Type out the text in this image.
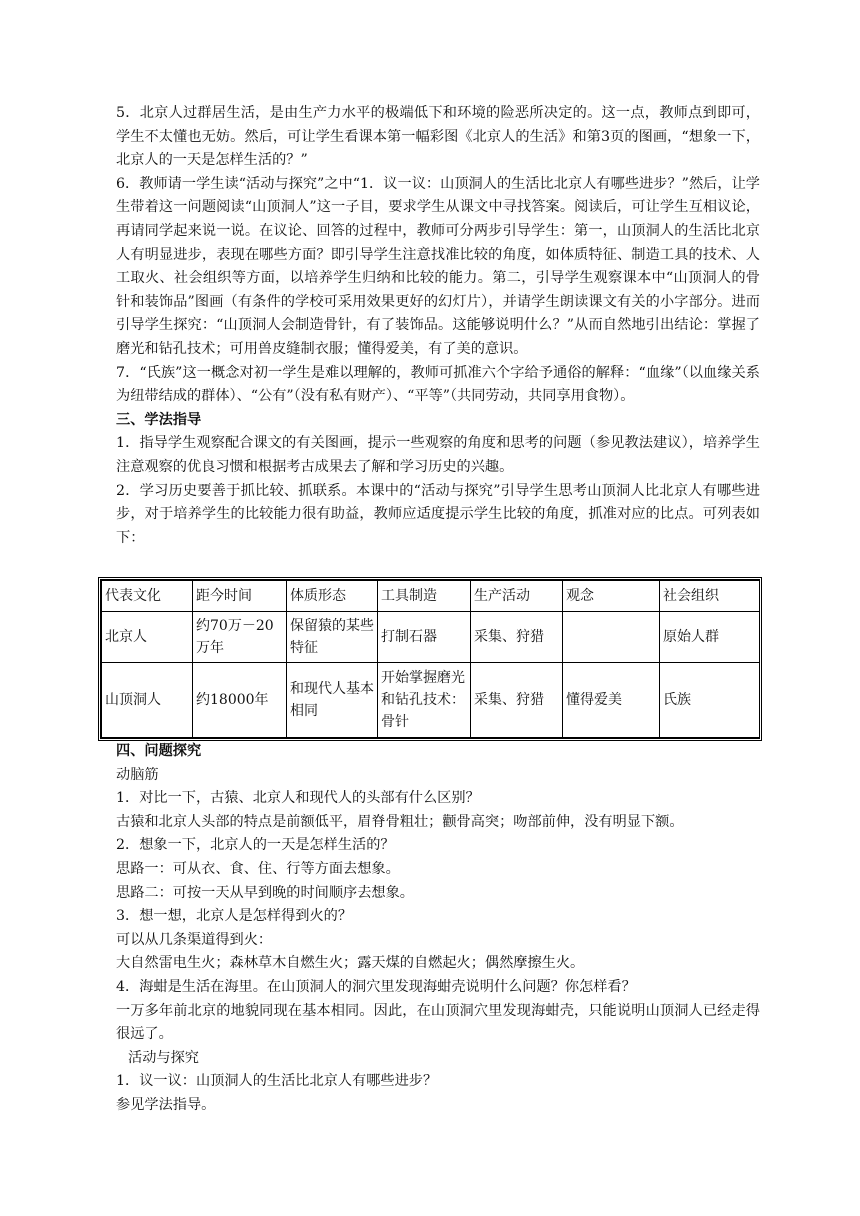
5．北京人过群居生活，是由生产力水平的极端低下和环境的险恶所决定的。这一点，教师点到即可，学生不太懂也无妨。然后，可让学生看课本第一幅彩图《北京人的生活》和第3页的图画，“想象一下，北京人的一天是怎样生活的？”

6．教师请一学生读“活动与探究”之中“1．议一议：山顶洞人的生活比北京人有哪些进步？”然后，让学生带着这一问题阅读“山顶洞人”这一子目，要求学生从课文中寻找答案。阅读后，可让学生互相议论，再请同学起来说一说。在议论、回答的过程中，教师可分两步引导学生：第一，山顶洞人的生活比北京人有明显进步，表现在哪些方面？即引导学生注意找准比较的角度，如体质特征、制造工具的技术、人工取火、社会组织等方面，以培养学生归纳和比较的能力。第二，引导学生观察课本中“山顶洞人的骨针和装饰品”图画（有条件的学校可采用效果更好的幻灯片），并请学生朗读课文有关的小字部分。进而引导学生探究：“山顶洞人会制造骨针，有了装饰品。这能够说明什么？”从而自然地引出结论：掌握了磨光和钻孔技术；可用兽皮缝制衣服；懂得爱美，有了美的意识。

7．“氏族”这一概念对初一学生是难以理解的，教师可抓准六个字给予通俗的解释：“血缘”（以血缘关系为纽带结成的群体）、“公有”（没有私有财产）、“平等”（共同劳动，共同享用食物）。

三、学法指导

1．指导学生观察配合课文的有关图画，提示一些观察的角度和思考的问题（参见教法建议），培养学生注意观察的优良习惯和根据考古成果去了解和学习历史的兴趣。

2．学习历史要善于抓比较、抓联系。本课中的“活动与探究”引导学生思考山顶洞人比北京人有哪些进步，对于培养学生的比较能力很有助益，教师应适度提示学生比较的角度，抓准对应的比点。可列表如下：

代表文化	距今时间	体质形态	工具制造	生产活动	观念	社会组织
北京人	约70万－20万年	保留猿的某些特征	打制石器	采集、狩猎		原始人群
山顶洞人	约18000年	和现代人基本相同	开始掌握磨光和钻孔技术：骨针	采集、狩猎	懂得爱美	氏族

四、问题探究

动脑筋

1．对比一下，古猿、北京人和现代人的头部有什么区别？

古猿和北京人头部的特点是前额低平，眉脊骨粗壮；颧骨高突；吻部前伸，没有明显下额。

2．想象一下，北京人的一天是怎样生活的？

思路一：可从衣、食、住、行等方面去想象。

思路二：可按一天从早到晚的时间顺序去想象。

3．想一想，北京人是怎样得到火的？

可以从几条渠道得到火：

大自然雷电生火；森林草木自燃生火；露天煤的自燃起火；偶然摩擦生火。

4．海蚶是生活在海里。在山顶洞人的洞穴里发现海蚶壳说明什么问题？你怎样看？

一万多年前北京的地貌同现在基本相同。因此，在山顶洞穴里发现海蚶壳，只能说明山顶洞人已经走得很远了。

活动与探究

1．议一议：山顶洞人的生活比北京人有哪些进步？

参见学法指导。
